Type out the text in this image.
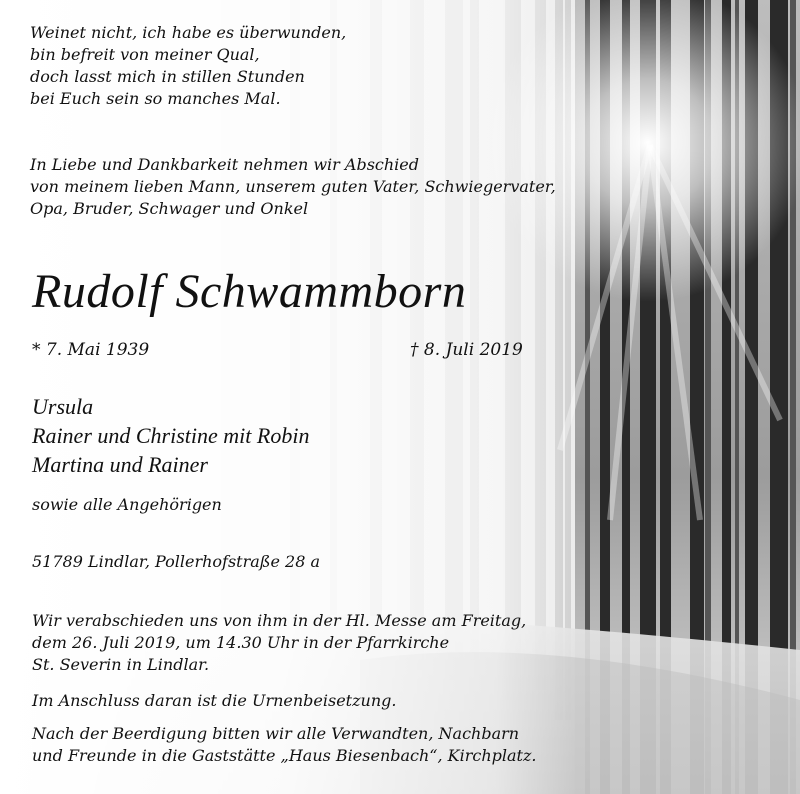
Weinet nicht, ich habe es überwunden,
bin befreit von meiner Qual,
doch lasst mich in stillen Stunden
bei Euch sein so manches Mal.
In Liebe und Dankbarkeit nehmen wir Abschied
von meinem lieben Mann, unserem guten Vater, Schwiegervater,
Opa, Bruder, Schwager und Onkel
Rudolf Schwammborn
* 7. Mai 1939	† 8. Juli 2019
Ursula
Rainer und Christine mit Robin
Martina und Rainer
sowie alle Angehörigen
51789 Lindlar, Pollerhofstraße 28 a
Wir verabschieden uns von ihm in der Hl. Messe am Freitag,
dem 26. Juli 2019, um 14.30 Uhr in der Pfarrkirche
St. Severin in Lindlar.
Im Anschluss daran ist die Urnenbeisetzung.
Nach der Beerdigung bitten wir alle Verwandten, Nachbarn
und Freunde in die Gaststätte „Haus Biesenbach“, Kirchplatz.
